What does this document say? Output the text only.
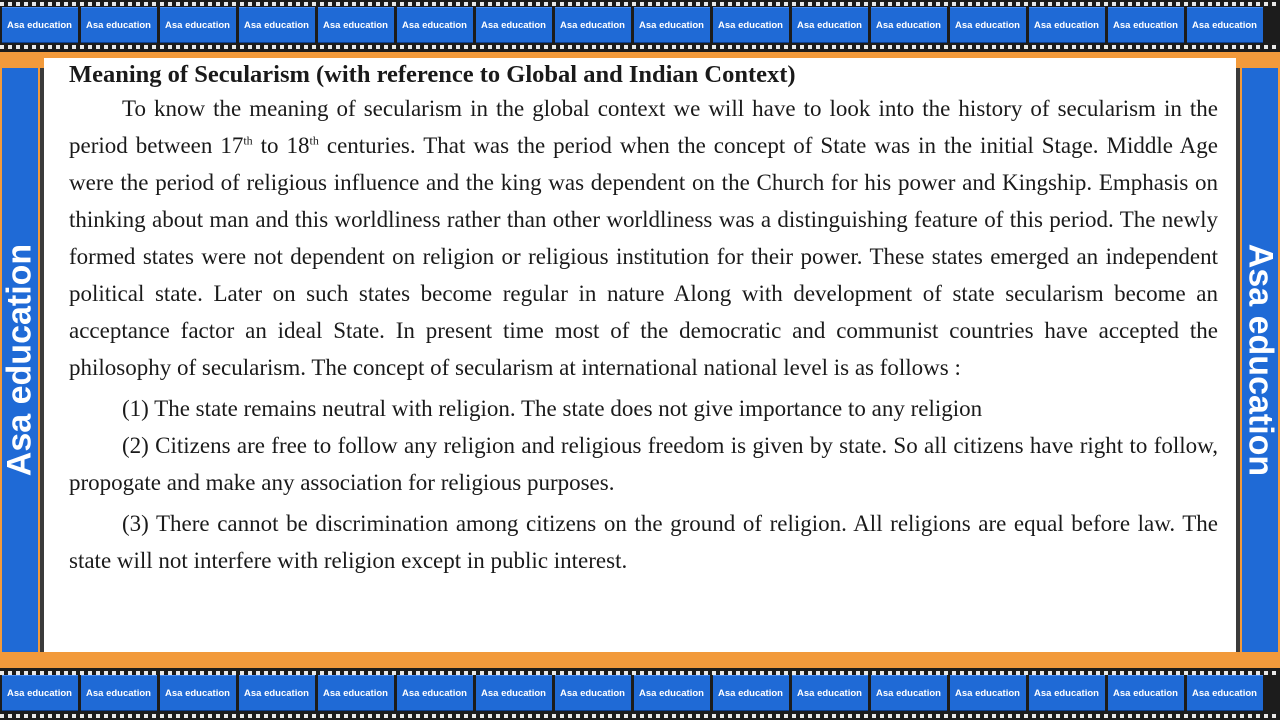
Asa education	Asa education	Asa education	Asa education	Asa education	Asa education	Asa education	Asa education	Asa education	Asa education	Asa education	Asa education	Asa education	Asa education	Asa education	Asa education
Asa education	Asa education
Meaning of Secularism (with reference to Global and Indian Context)

To know the meaning of secularism in the global context we will have to look into the history of secularism in the period between 17th to 18th centuries. That was the period when the concept of State was in the initial Stage. Middle Age were the period of religious influence and the king was dependent on the Church for his power and Kingship. Emphasis on thinking about man and this worldliness rather than other worldliness was a distinguishing feature of this period. The newly formed states were not dependent on religion or religious institution for their power. These states emerged an independent political state. Later on such states become regular in nature Along with development of state secularism become an acceptance factor an ideal State. In present time most of the democratic and communist countries have accepted the philosophy of secularism. The concept of secularism at international national level is as follows :

(1) The state remains neutral with religion. The state does not give importance to any religion

(2) Citizens are free to follow any religion and religious freedom is given by state. So all citizens have right to follow, propogate and make any association for religious purposes.

(3) There cannot be discrimination among citizens on the ground of religion. All religions are equal before law. The state will not interfere with religion except in public interest.

Asa education	Asa education	Asa education	Asa education	Asa education	Asa education	Asa education	Asa education	Asa education	Asa education	Asa education	Asa education	Asa education	Asa education	Asa education	Asa education
